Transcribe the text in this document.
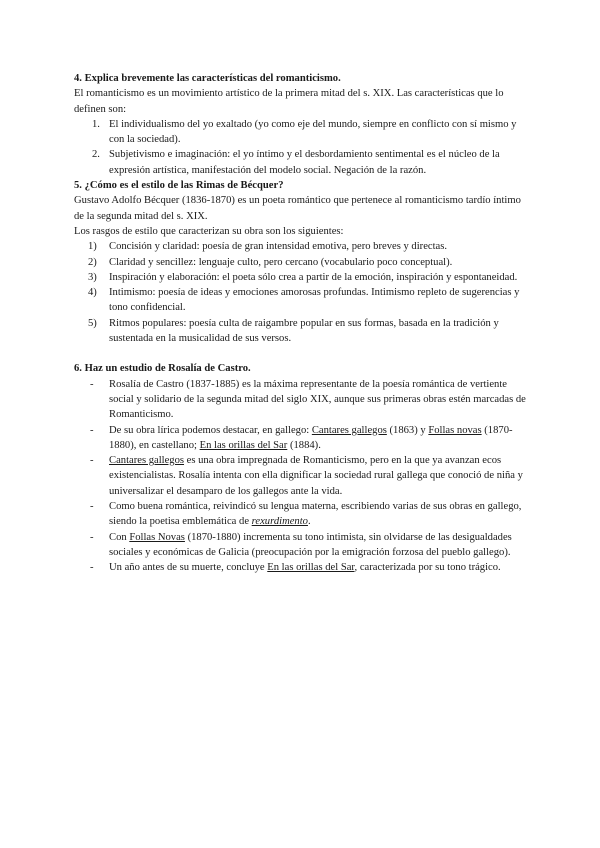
4. Explica brevemente las características del romanticismo.

El romanticismo es un movimiento artístico de la primera mitad del s. XIX. Las características que lo definen son:

1. El individualismo del yo exaltado (yo como eje del mundo, siempre en conflicto con sí mismo y con la sociedad).
2. Subjetivismo e imaginación: el yo íntimo y el desbordamiento sentimental es el núcleo de la expresión artística, manifestación del modelo social. Negación de la razón.
5. ¿Cómo es el estilo de las Rimas de Bécquer?

Gustavo Adolfo Bécquer (1836-1870) es un poeta romántico que pertenece al romanticismo tardío íntimo de la segunda mitad del s. XIX.

Los rasgos de estilo que caracterizan su obra son los siguientes:

1) Concisión y claridad: poesía de gran intensidad emotiva, pero breves y directas.
2) Claridad y sencillez: lenguaje culto, pero cercano (vocabulario poco conceptual).
3) Inspiración y elaboración: el poeta sólo crea a partir de la emoción, inspiración y espontaneidad.
4) Intimismo: poesía de ideas y emociones amorosas profundas. Intimismo repleto de sugerencias y tono confidencial.
5) Ritmos populares: poesía culta de raigambre popular en sus formas, basada en la tradición y sustentada en la musicalidad de sus versos.
6. Haz un estudio de Rosalía de Castro.
- Rosalía de Castro (1837-1885) es la máxima representante de la poesía romántica de vertiente social y solidario de la segunda mitad del siglo XIX, aunque sus primeras obras estén marcadas de Romanticismo.
- De su obra lírica podemos destacar, en gallego: Cantares gallegos (1863) y Follas novas (1870-1880), en castellano; En las orillas del Sar (1884).
- Cantares gallegos es una obra impregnada de Romanticismo, pero en la que ya avanzan ecos existencialistas. Rosalía intenta con ella dignificar la sociedad rural gallega que conoció de niña y universalizar el desamparo de los gallegos ante la vida.
- Como buena romántica, reivindicó su lengua materna, escribiendo varias de sus obras en gallego, siendo la poetisa emblemática de rexurdimento.
- Con Follas Novas (1870-1880) incrementa su tono intimista, sin olvidarse de las desigualdades sociales y económicas de Galicia (preocupación por la emigración forzosa del pueblo gallego).
- Un año antes de su muerte, concluye En las orillas del Sar, caracterizada por su tono trágico.
